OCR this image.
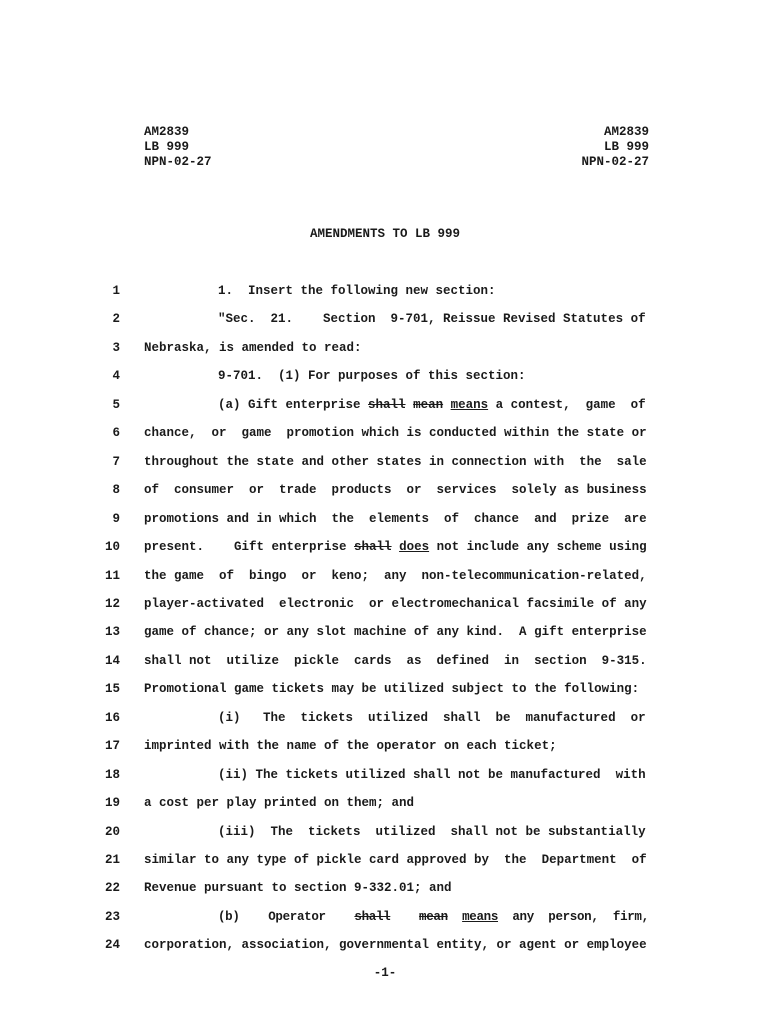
AM2839
LB 999
NPN-02-27
AM2839
LB 999
NPN-02-27
AMENDMENTS TO LB 999
1	1.  Insert the following new section:
2	"Sec.  21.    Section  9-701, Reissue Revised Statutes of
3 Nebraska, is amended to read:
4	9-701.  (1) For purposes of this section:
5	(a) Gift enterprise shall mean means a contest,  game  of
6 chance,  or  game  promotion which is conducted within the state or
7 throughout the state and other states in connection with  the  sale
8 of  consumer  or  trade  products  or  services  solely as business
9 promotions and in which  the  elements  of  chance  and  prize  are
10 present.    Gift enterprise shall does not include any scheme using
11 the game  of  bingo  or  keno;  any  non-telecommunication-related,
12 player-activated  electronic  or electromechanical facsimile of any
13 game of chance; or any slot machine of any kind.  A gift enterprise
14 shall not  utilize  pickle  cards  as  defined  in  section  9-315.
15 Promotional game tickets may be utilized subject to the following:
16	(i)   The  tickets  utilized  shall  be  manufactured  or
17 imprinted with the name of the operator on each ticket;
18	(ii) The tickets utilized shall not be manufactured  with
19 a cost per play printed on them; and
20	(iii)  The  tickets  utilized  shall not be substantially
21 similar to any type of pickle card approved by  the  Department  of
22 Revenue pursuant to section 9-332.01; and
23	(b)    Operator    shall mean means  any  person,  firm,
24 corporation, association, governmental entity, or agent or employee
-1-
